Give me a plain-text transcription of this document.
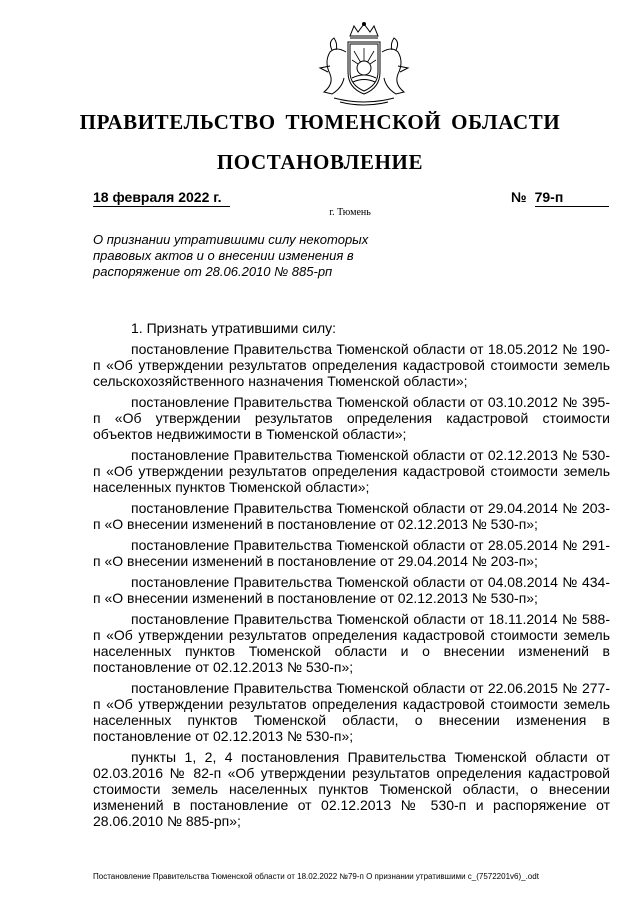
ПРАВИТЕЛЬСТВО ТЮМЕНСКОЙ ОБЛАСТИ
ПОСТАНОВЛЕНИЕ
18 февраля 2022 г.	№ 79-п
г. Тюмень
О признании утратившими силу некоторых правовых актов и о внесении изменения в распоряжение от 28.06.2010 № 885-рп

1. Признать утратившими силу:

постановление Правительства Тюменской области от 18.05.2012 № 190-п «Об утверждении результатов определения кадастровой стоимости земель сельскохозяйственного назначения Тюменской области»;

постановление Правительства Тюменской области от 03.10.2012 № 395-п «Об утверждении результатов определения кадастровой стоимости объектов недвижимости в Тюменской области»;

постановление Правительства Тюменской области от 02.12.2013 № 530-п «Об утверждении результатов определения кадастровой стоимости земель населенных пунктов Тюменской области»;

постановление Правительства Тюменской области от 29.04.2014 № 203-п «О внесении изменений в постановление от 02.12.2013 № 530-п»;

постановление Правительства Тюменской области от 28.05.2014 № 291-п «О внесении изменений в постановление от 29.04.2014 № 203-п»;

постановление Правительства Тюменской области от 04.08.2014 № 434-п «О внесении изменений в постановление от 02.12.2013 № 530-п»;

постановление Правительства Тюменской области от 18.11.2014 № 588-п «Об утверждении результатов определения кадастровой стоимости земель населенных пунктов Тюменской области и о внесении изменений в постановление от 02.12.2013 № 530-п»;

постановление Правительства Тюменской области от 22.06.2015 № 277-п «Об утверждении результатов определения кадастровой стоимости земель населенных пунктов Тюменской области, о внесении изменения в постановление от 02.12.2013 № 530-п»;

пункты 1, 2, 4 постановления Правительства Тюменской области от 02.03.2016 № 82-п «Об утверждении результатов определения кадастровой стоимости земель населенных пунктов Тюменской области, о внесении изменений в постановление от 02.12.2013 № 530-п и распоряжение от 28.06.2010 № 885-рп»;

Постановление Правительства Тюменской области от 18.02.2022 №79-п О признании утратившими с_(7572201v6)_.odt
